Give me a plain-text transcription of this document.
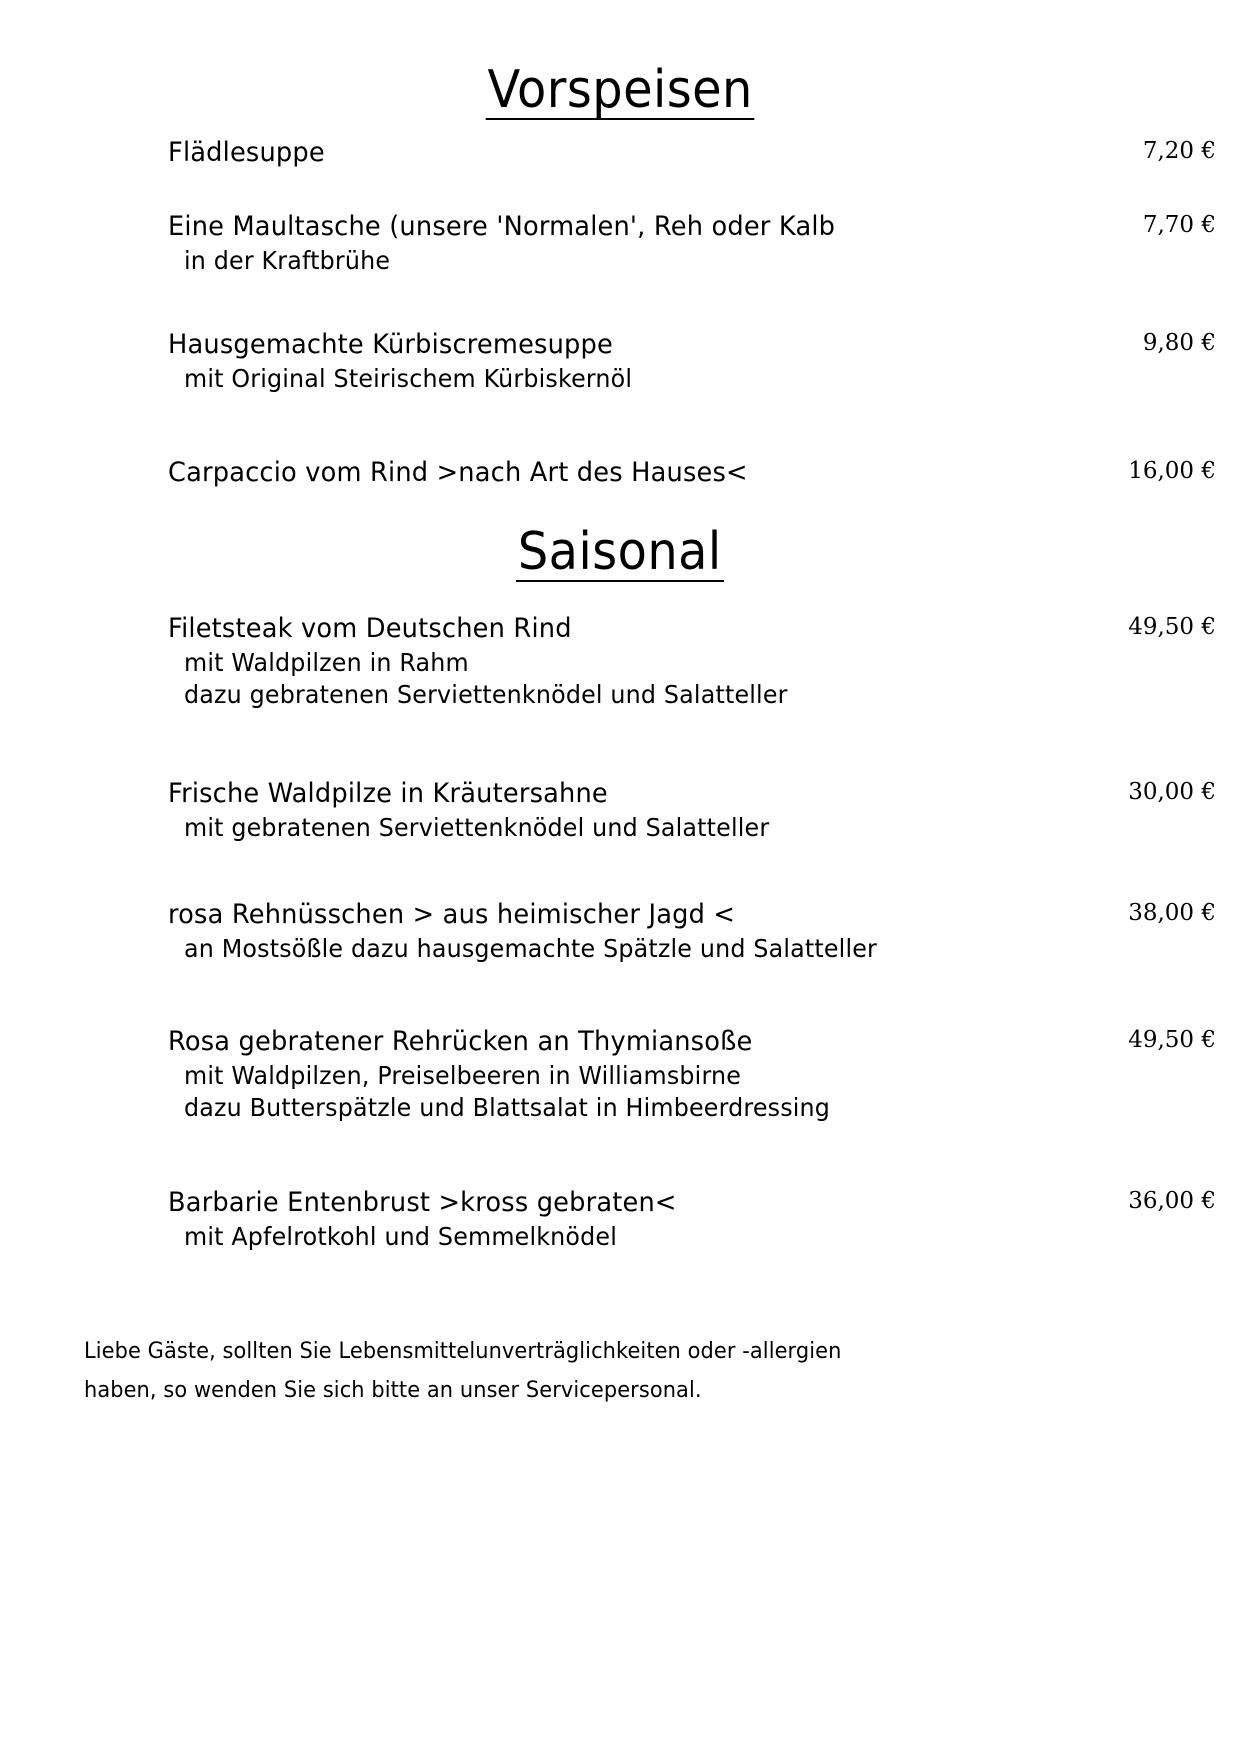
Vorspeisen
Flädlesuppe	7,20 €
Eine Maultasche (unsere 'Normalen', Reh oder Kalb
in der Kraftbrühe
7,70 €
Hausgemachte Kürbiscremesuppe
mit Original Steirischem Kürbiskernöl
9,80 €
Carpaccio vom Rind >nach Art des Hauses<	16,00 €
Saisonal
Filetsteak vom Deutschen Rind
mit Waldpilzen in Rahm
dazu gebratenen Serviettenknödel und Salatteller
49,50 €
Frische Waldpilze in Kräutersahne
mit gebratenen Serviettenknödel und Salatteller
30,00 €
rosa Rehnüsschen > aus heimischer Jagd <
an Mostsößle dazu hausgemachte Spätzle und Salatteller
38,00 €
Rosa gebratener Rehrücken an Thymiansoße
mit Waldpilzen, Preiselbeeren in Williamsbirne
dazu Butterspätzle und Blattsalat in Himbeerdressing
49,50 €
Barbarie Entenbrust >kross gebraten<
mit Apfelrotkohl und Semmelknödel
36,00 €
Liebe Gäste, sollten Sie Lebensmittelunverträglichkeiten oder -allergien
haben, so wenden Sie sich bitte an unser Servicepersonal.
